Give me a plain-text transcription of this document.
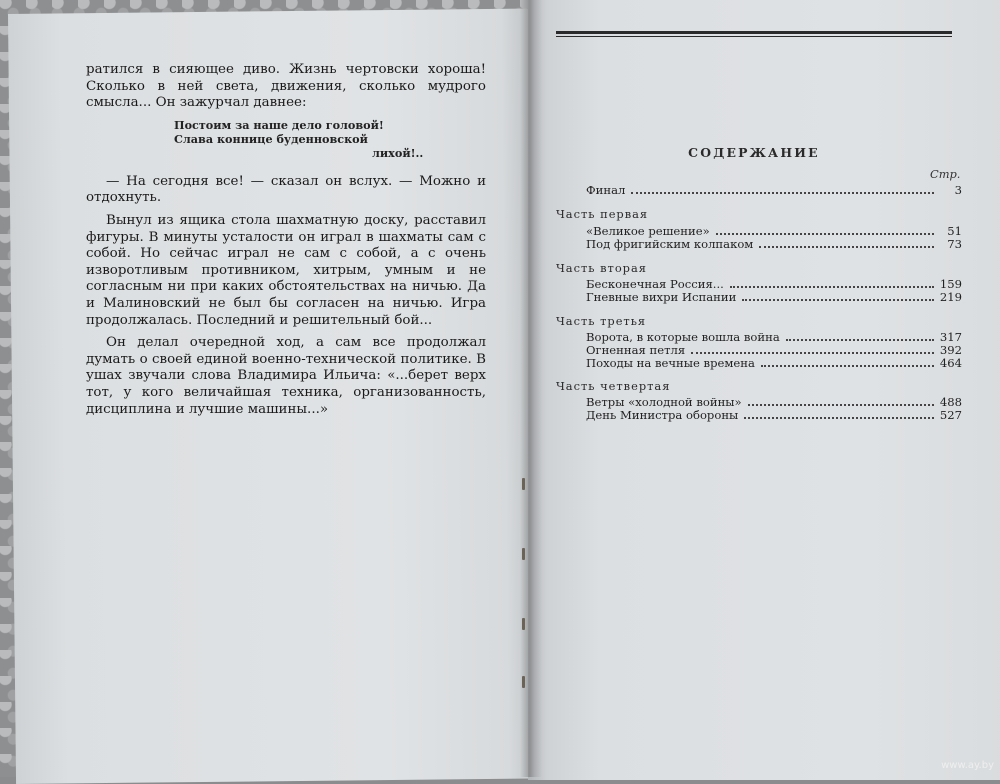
ратился в сияющее диво. Жизнь чертовски хороша! Сколько в ней света, движения, сколько мудрого смысла... Он зажурчал давнее:

Постоим за наше дело головой!
Слава коннице буденновской
лихой!..

— На сегодня все! — сказал он вслух. — Можно и отдохнуть.

Вынул из ящика стола шахматную доску, расставил фигуры. В минуты усталости он играл в шахматы сам с собой. Но сейчас играл не сам с собой, а с очень изворотливым противником, хитрым, умным и не согласным ни при каких обстоятельствах на ничью. Да и Малиновский не был бы согласен на ничью. Игра продолжалась. Последний и решительный бой...

Он делал очередной ход, а сам все продолжал думать о своей единой военно-технической политике. В ушах звучали слова Владимира Ильича: «...берет верх тот, у кого величайшая техника, организованность, дисциплина и лучшие машины...»

СОДЕРЖАНИЕ
Стр.
Финал	3
Часть первая
«Великое решение»	51
Под фригийским колпаком	73
Часть вторая
Бесконечная Россия...	159
Гневные вихри Испании	219
Часть третья
Ворота, в которые вошла война	317
Огненная петля	392
Походы на вечные времена	464
Часть четвертая
Ветры «холодной войны»	488
День Министра обороны	527
www.ay.by
